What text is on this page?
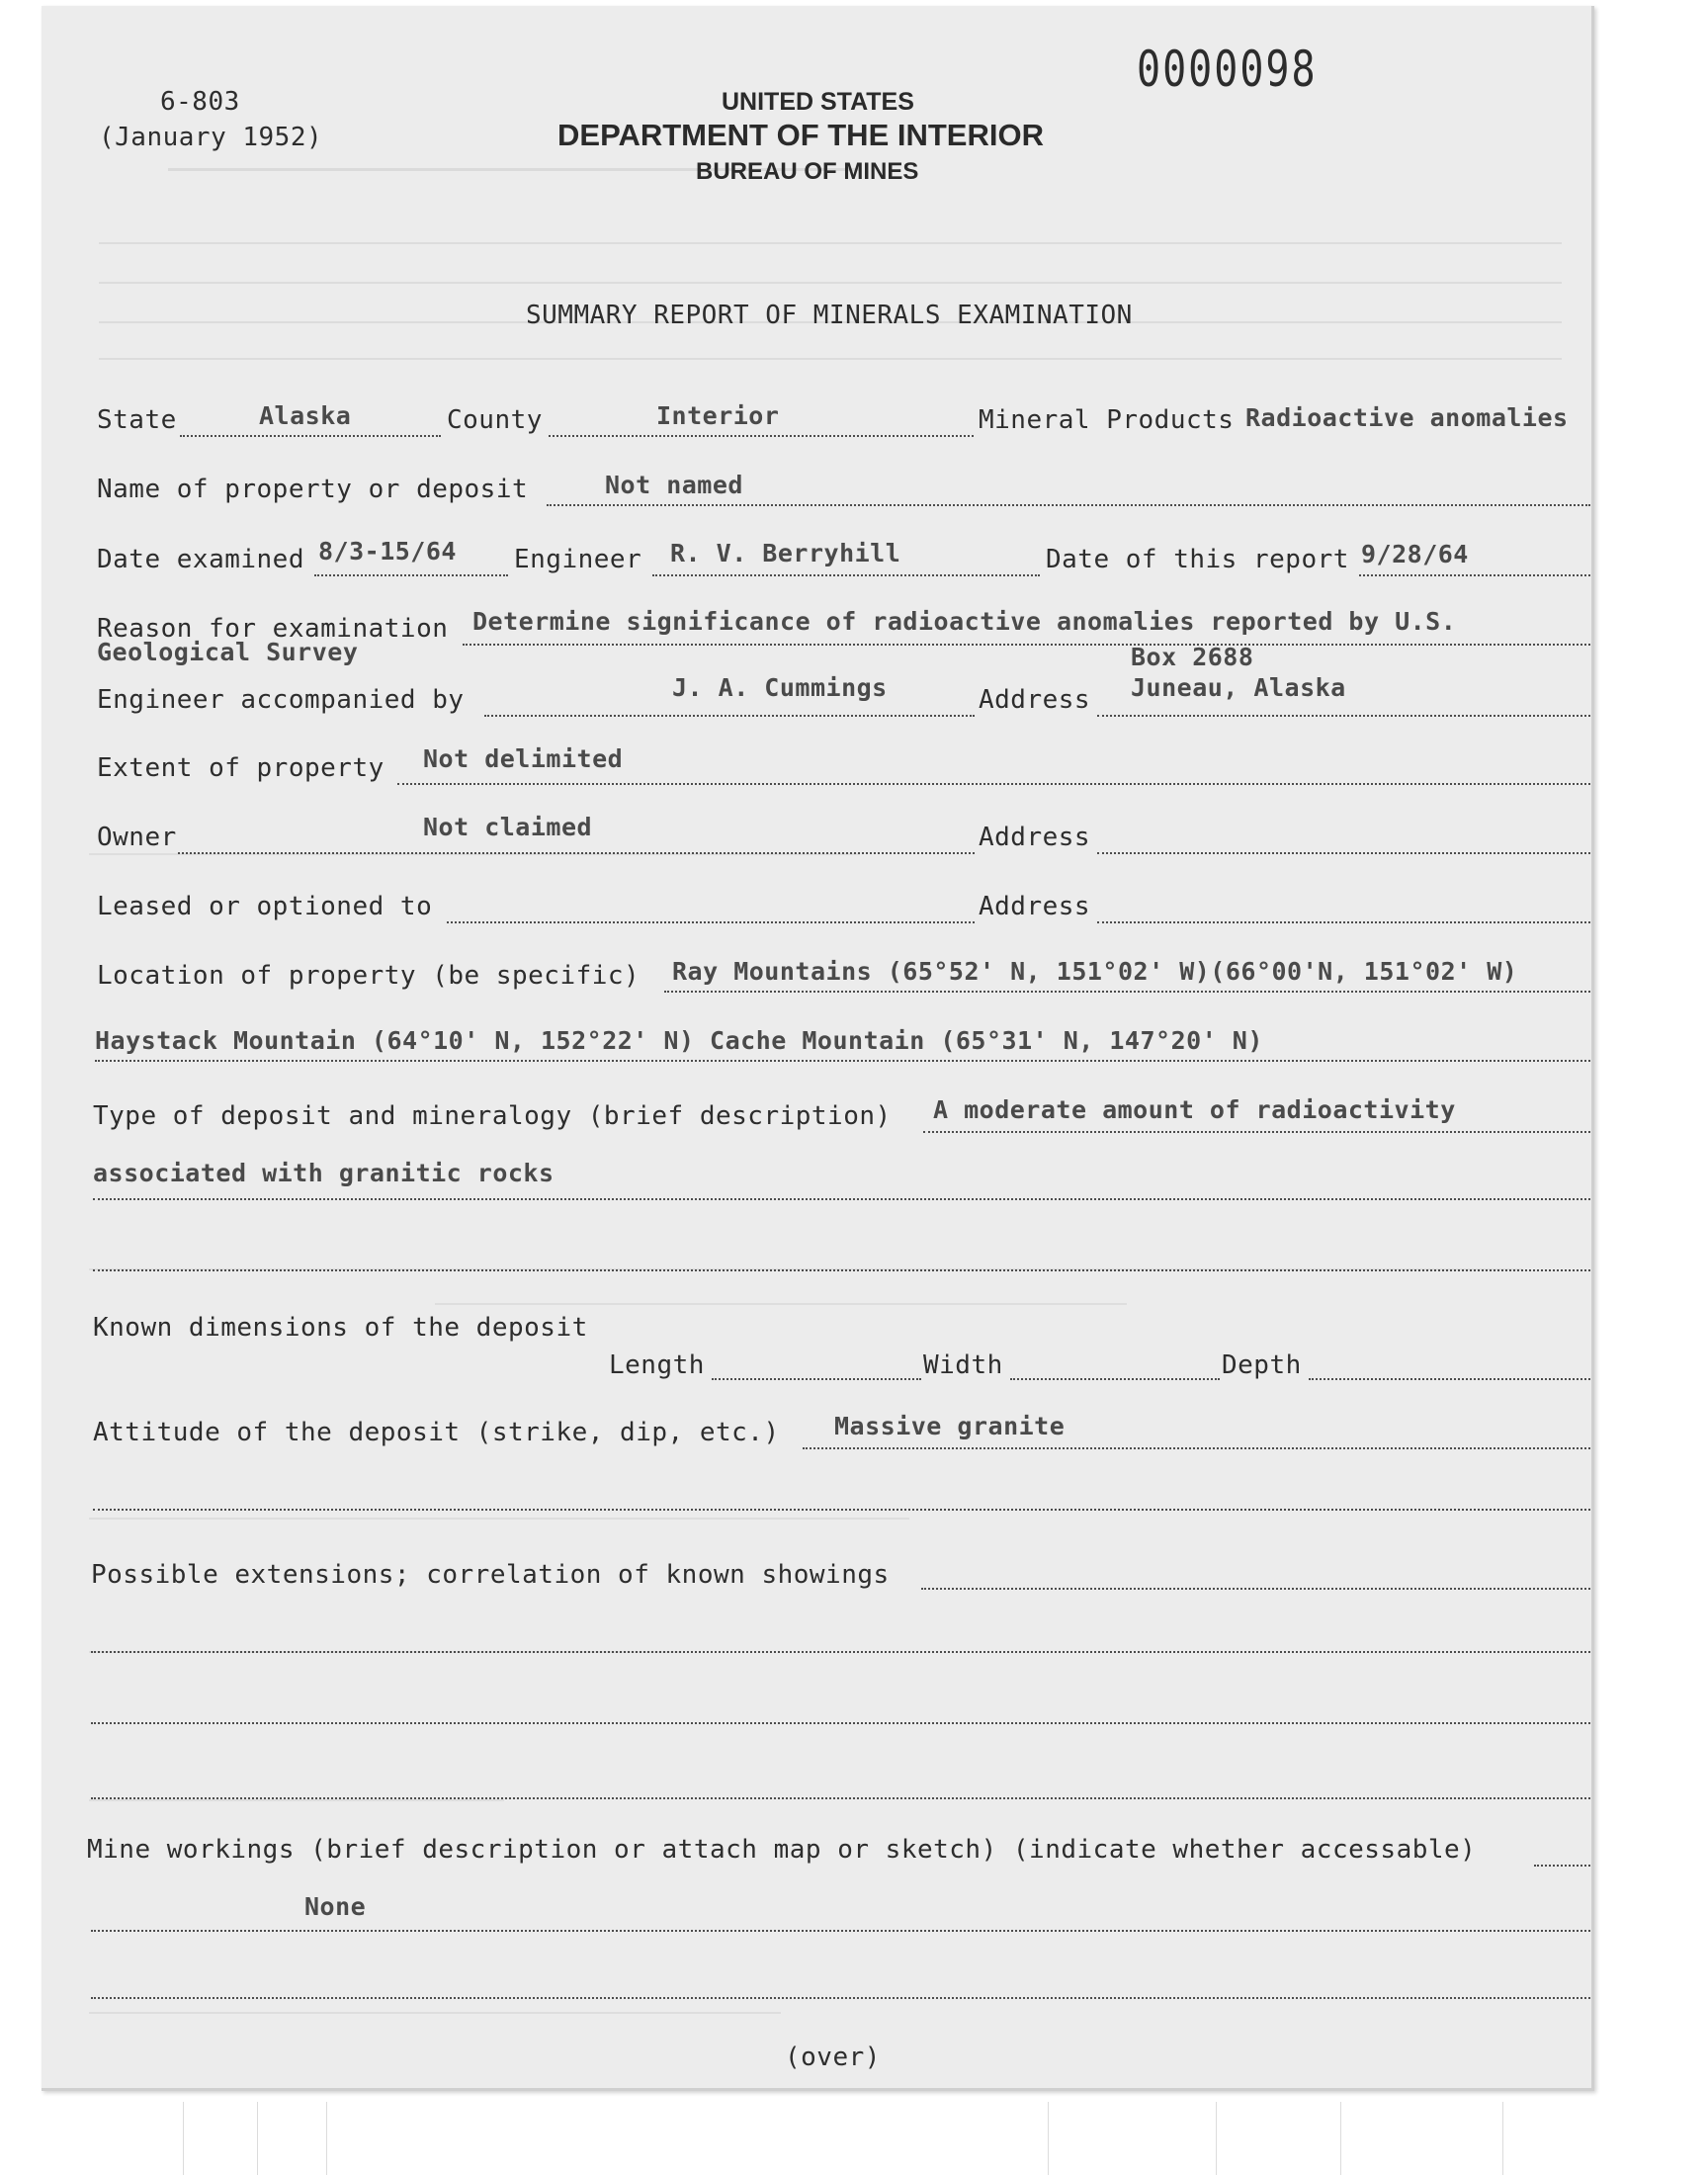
6-803
(January 1952)
0000098
UNITED STATES
DEPARTMENT OF THE INTERIOR
BUREAU OF MINES
SUMMARY REPORT OF MINERALS EXAMINATION
State	Alaska	County	Interior	Mineral Products Radioactive anomalies
Name of property or deposit	Not named
Date examined 8/3-15/64 Engineer R. V. Berryhill	Date of this report 9/28/64
Reason for examination Determine significance of radioactive anomalies reported by U.S.
Geological Survey
Engineer accompanied by	J. A. Cummings	Address
Box 2688
Juneau, Alaska
Extent of property Not delimited
Owner	Not claimed	Address
Leased or optioned to	Address
Location of property (be specific) Ray Mountains (65°52' N, 151°02' W)(66°00'N, 151°02' W)
Haystack Mountain (64°10' N, 152°22' N) Cache Mountain (65°31' N, 147°20' N)
Type of deposit and mineralogy (brief description) A moderate amount of radioactivity
associated with granitic rocks
Known dimensions of the deposit
Length	Width	Depth
Attitude of the deposit (strike, dip, etc.) Massive granite
Possible extensions; correlation of known showings
Mine workings (brief description or attach map or sketch) (indicate whether accessable)
None
(over)
